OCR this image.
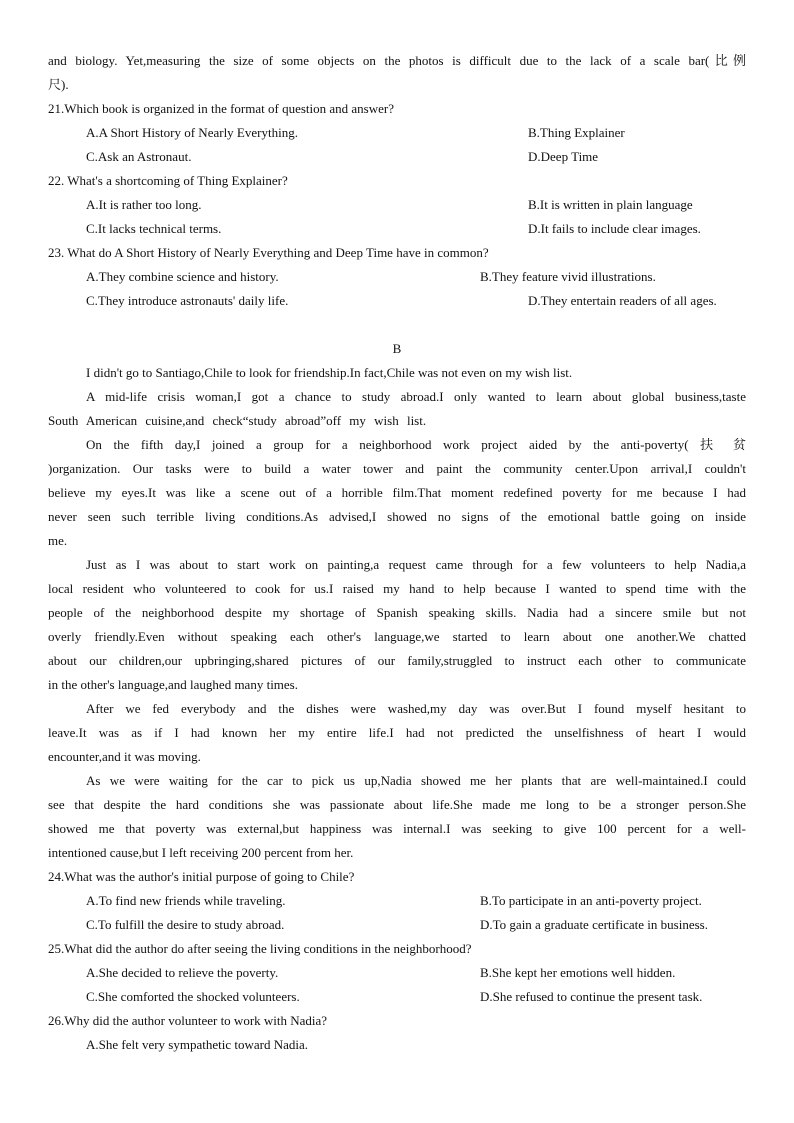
and biology. Yet,measuring the size of some objects on the photos is difficult due to the lack of a scale bar(比例
尺).
21.Which book is organized in the format of question and answer?
A.A Short History of Nearly Everything.	B.Thing Explainer
C.Ask an Astronaut.	D.Deep Time
22. What's a shortcoming of Thing Explainer?
A.It is rather too long.	B.It is written in plain language
C.It lacks technical terms.	D.It fails to include clear images.
23. What do A Short History of Nearly Everything and Deep Time have in common?
A.They combine science and history.	B.They feature vivid illustrations.
C.They introduce astronauts' daily life.	D.They entertain readers of all ages.
B
I didn't go to Santiago,Chile to look for friendship.In fact,Chile was not even on my wish list.
A mid-life crisis woman,I got a chance to study abroad.I only wanted to learn about global business,taste
South American cuisine,and check“study abroad”off my wish list.
On the fifth day,I joined a group for a neighborhood work project aided by the anti-poverty( 扶 贫
)organization. Our tasks were to build a water tower and paint the community center.Upon arrival,I couldn't
believe my eyes.It was like a scene out of a horrible film.That moment redefined poverty for me because I had
never seen such terrible living conditions.As advised,I showed no signs of the emotional battle going on inside
me.
Just as I was about to start work on painting,a request came through for a few volunteers to help Nadia,a
local resident who volunteered to cook for us.I raised my hand to help because I wanted to spend time with the
people of the neighborhood despite my shortage of Spanish speaking skills. Nadia had a sincere smile but not
overly friendly.Even without speaking each other's language,we started to learn about one another.We chatted
about our children,our upbringing,shared pictures of our family,struggled to instruct each other to communicate
in the other's language,and laughed many times.
After we fed everybody and the dishes were washed,my day was over.But I found myself hesitant to
leave.It was as if I had known her my entire life.I had not predicted the unselfishness of heart I would
encounter,and it was moving.
As we were waiting for the car to pick us up,Nadia showed me her plants that are well-maintained.I could
see that despite the hard conditions she was passionate about life.She made me long to be a stronger person.She
showed me that poverty was external,but happiness was internal.I was seeking to give 100 percent for a well-
intentioned cause,but I left receiving 200 percent from her.
24.What was the author's initial purpose of going to Chile?
A.To find new friends while traveling.	B.To participate in an anti-poverty project.
C.To fulfill the desire to study abroad.	D.To gain a graduate certificate in business.
25.What did the author do after seeing the living conditions in the neighborhood?
A.She decided to relieve the poverty.	B.She kept her emotions well hidden.
C.She comforted the shocked volunteers.	D.She refused to continue the present task.
26.Why did the author volunteer to work with Nadia?
A.She felt very sympathetic toward Nadia.
